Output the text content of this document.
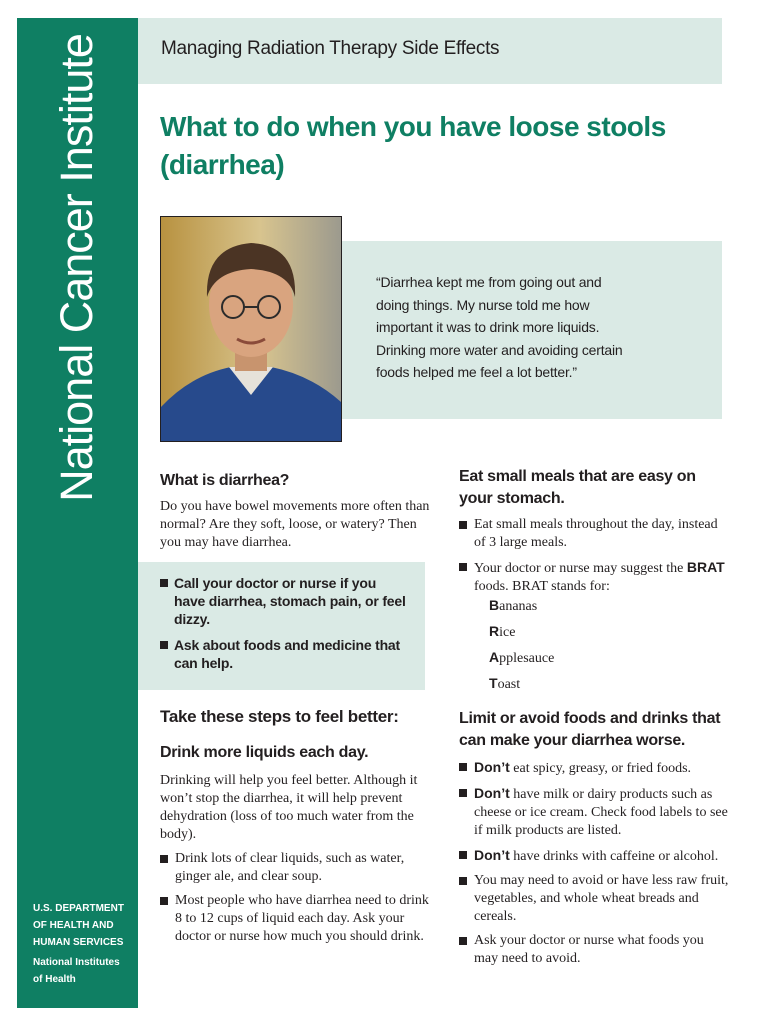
National Cancer Institute
U.S. DEPARTMENT
OF HEALTH AND
HUMAN SERVICES
National Institutes
of Health
Managing Radiation Therapy Side Effects
What to do when you have loose stools
(diarrhea)
“Diarrhea kept me from going out and
doing things. My nurse told me how
important it was to drink more liquids.
Drinking more water and avoiding certain
foods helped me feel a lot better.”
What is diarrhea?

Do you have bowel movements more often than normal? Are they soft, loose, or watery? Then you may have diarrhea.

Call your doctor or nurse if you have diarrhea, stomach pain, or feel dizzy.
Ask about foods and medicine that can help.
Take these steps to feel better:
Drink more liquids each day.

Drinking will help you feel better. Although it won’t stop the diarrhea, it will help prevent dehydration (loss of too much water from the body).

Drink lots of clear liquids, such as water, ginger ale, and clear soup.
Most people who have diarrhea need to drink 8 to 12 cups of liquid each day. Ask your doctor or nurse how much you should drink.
Eat small meals that are easy on your stomach.
Eat small meals throughout the day, instead of 3 large meals.
Your doctor or nurse may suggest the BRAT foods. BRAT stands for:
Bananas
Rice
Applesauce
Toast
Limit or avoid foods and drinks that can make your diarrhea worse.
Don’t eat spicy, greasy, or fried foods.
Don’t have milk or dairy products such as cheese or ice cream. Check food labels to see if milk products are listed.
Don’t have drinks with caffeine or alcohol.
You may need to avoid or have less raw fruit, vegetables, and whole wheat breads and cereals.
Ask your doctor or nurse what foods you may need to avoid.
